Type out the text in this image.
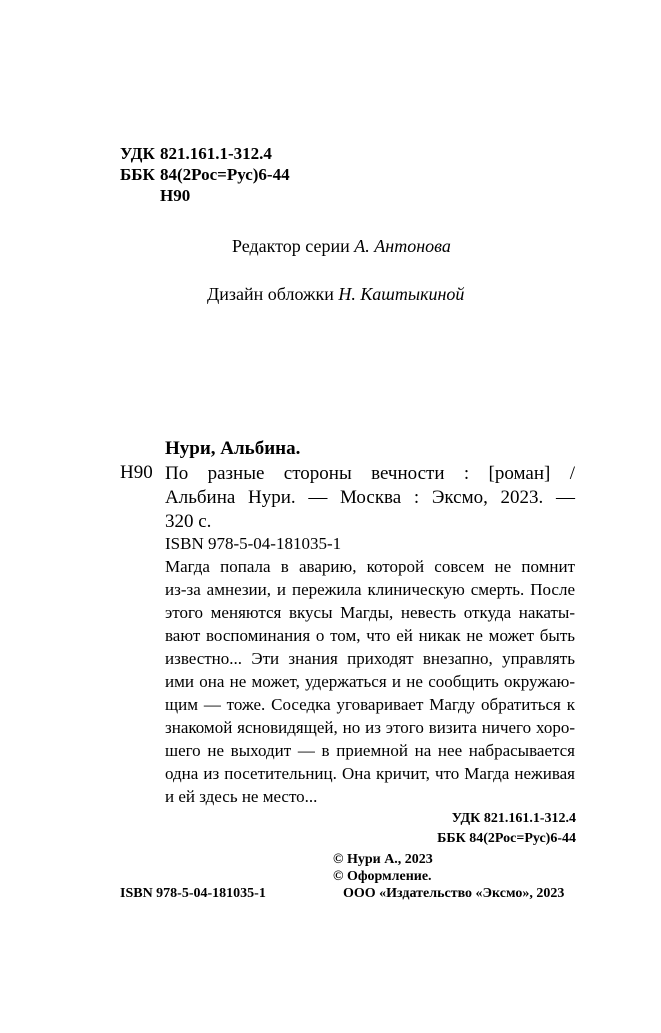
УДК 821.161.1-312.4
ББК 84(2Рос=Рус)6-44
Н90
Редактор серии А. Антонова
Дизайн обложки Н. Каштыкиной
Нури, Альбина.
Н90 По разные стороны вечности : [роман] /
Альбина Нури. — Москва : Эксмо, 2023. —
320 с.
ISBN 978-5-04-181035-1
Магда попала в аварию, которой совсем не помнит
из-за амнезии, и пережила клиническую смерть. После
этого меняются вкусы Магды, невесть откуда накаты-
вают воспоминания о том, что ей никак не может быть
известно... Эти знания приходят внезапно, управлять
ими она не может, удержаться и не сообщить окружаю-
щим — тоже. Соседка уговаривает Магду обратиться к
знакомой ясновидящей, но из этого визита ничего хоро-
шего не выходит — в приемной на нее набрасывается
одна из посетительниц. Она кричит, что Магда неживая
и ей здесь не место...
УДК 821.161.1-312.4
ББК 84(2Рос=Рус)6-44
ISBN 978-5-04-181035-1
© Нури А., 2023
© Оформление.
ООО «Издательство «Эксмо», 2023
